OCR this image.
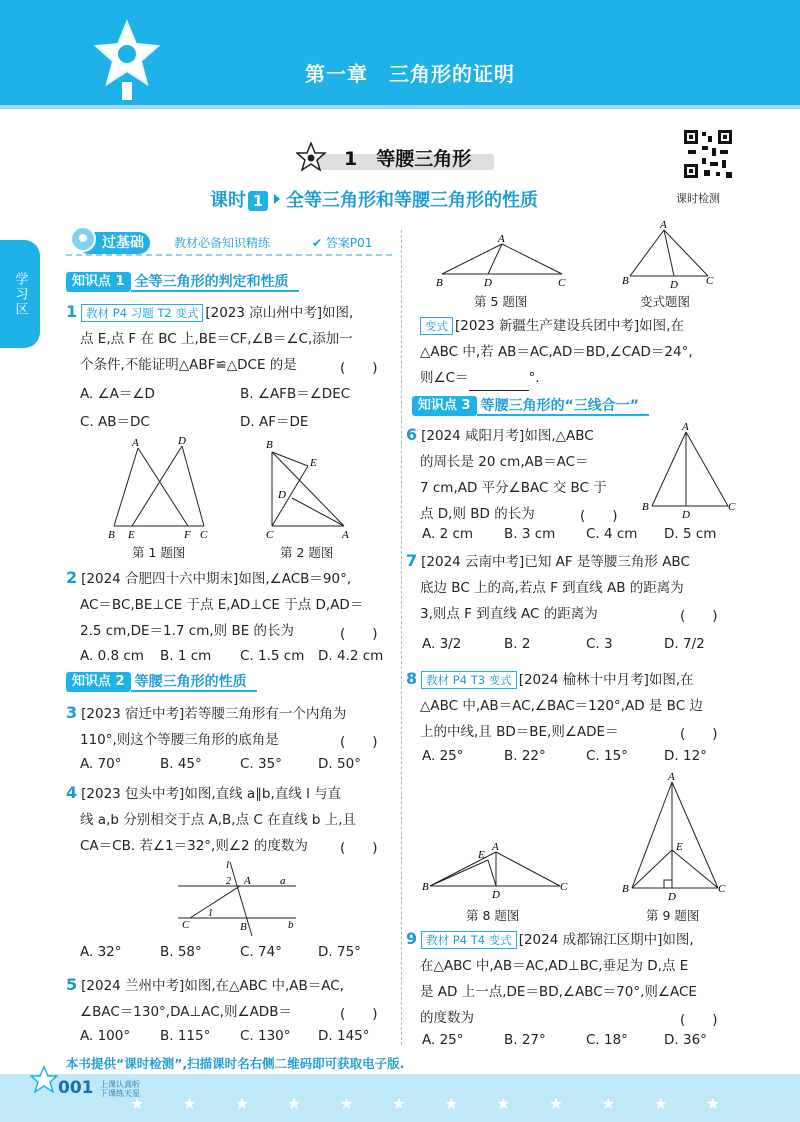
第一章　三角形的证明
学习区
1　 等腰三角形
课时检测
课时 1 全等三角形和等腰三角形的性质
过基础	教材必备知识精练	✔ 答案P01
知识点 1 全等三角形的判定和性质
1 教材 P4 习题 T2 变式 [2023 凉山州中考]如图,
点 E,点 F 在 BC 上,BE＝CF,∠B＝∠C,添加一
个条件,不能证明△ABF≌△DCE 的是	(　　)
A. ∠A＝∠D	B. ∠AFB＝∠DEC
C. AB＝DC	D. AF＝DE
A	D
B E	F C
第 1 题图
B
E
D
C	A
第 2 题图
2 [2024 合肥四十六中期末]如图,∠ACB＝90°,
AC＝BC,BE⊥CE 于点 E,AD⊥CE 于点 D,AD＝
2.5 cm,DE＝1.7 cm,则 BE 的长为	(　　)
A. 0.8 cm B. 1 cm C. 1.5 cm D. 4.2 cm
知识点 2 等腰三角形的性质
3 [2023 宿迁中考]若等腰三角形有一个内角为
110°,则这个等腰三角形的底角是	(　　)
A. 70°	B. 45°	C. 35°	D. 50°
4 [2023 包头中考]如图,直线 a∥b,直线 l 与直
线 a,b 分别相交于点 A,B,点 C 在直线 b 上,且
CA＝CB. 若∠1＝32°,则∠2 的度数为	(　　)
l
2 A	a
1
C	B	b
A. 32°	B. 58°	C. 74°	D. 75°
5 [2024 兰州中考]如图,在△ABC 中,AB＝AC,
∠BAC＝130°,DA⊥AC,则∠ADB＝	(　　)
A. 100° B. 115° C. 130° D. 145°
A
B	D	C
第 5 题图
A
B	D	C
变式题图
变式 [2023 新疆生产建设兵团中考]如图,在
△ABC 中,若 AB＝AC,AD＝BD,∠CAD＝24°,
则∠C＝	°.
知识点 3 等腰三角形的“三线合一”
6 [2024 咸阳月考]如图,△ABC
的周长是 20 cm,AB＝AC＝
7 cm,AD 平分∠BAC 交 BC 于
点 D,则 BD 的长为	(　　)
A
B
D
C
A. 2 cm B. 3 cm C. 4 cm D. 5 cm
7 [2024 云南中考]已知 AF 是等腰三角形 ABC
底边 BC 上的高,若点 F 到直线 AB 的距离为
3,则点 F 到直线 AC 的距离为	(　　)
A. 3/2	B. 2	C. 3	D. 7/2
8 教材 P4 T3 变式 [2024 榆林十中月考]如图,在
△ABC 中,AB＝AC,∠BAC＝120°,AD 是 BC 边
上的中线,且 BD＝BE,则∠ADE＝	(　　)
A. 25°	B. 22°	C. 15°	D. 12°
A
E
B
D
C
第 8 题图
A
E
B
D
C
第 9 题图
9 教材 P4 T4 变式 [2024 成都锦江区期中]如图,
在△ABC 中,AB＝AC,AD⊥BC,垂足为 D,点 E
是 AD 上一点,DE＝BD,∠ABC＝70°,则∠ACE
的度数为	(　　)
A. 25°	B. 27°	C. 18°	D. 36°
本书提供“课时检测”,扫描课时名右侧二维码即可获取电子版.
★★★★★★★★★★★★
001 上课认真听 下课练天星
